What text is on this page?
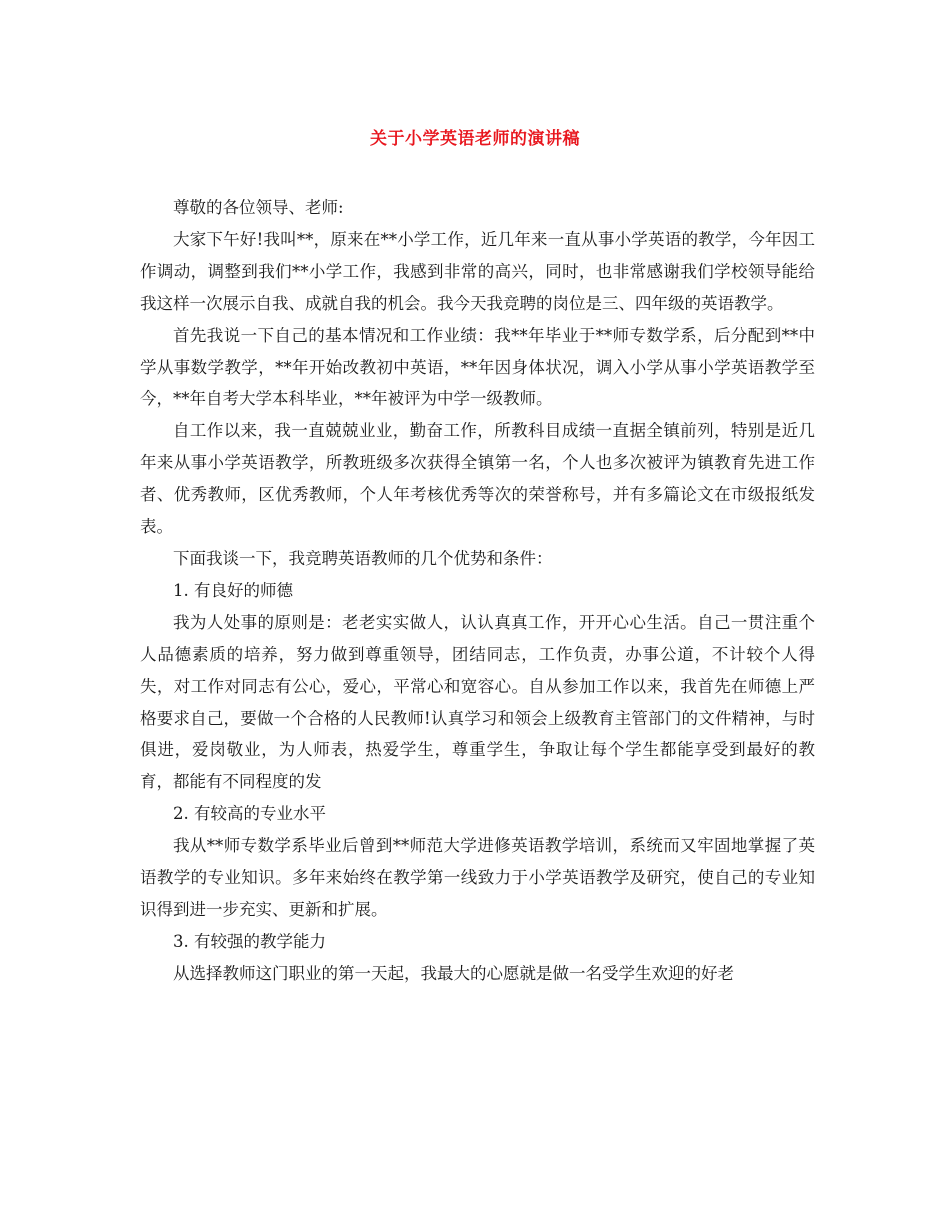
关于小学英语老师的演讲稿

尊敬的各位领导、老师:

大家下午好!我叫**，原来在**小学工作，近几年来一直从事小学英语的教学，今年因工作调动，调整到我们**小学工作，我感到非常的高兴，同时，也非常感谢我们学校领导能给我这样一次展示自我、成就自我的机会。我今天我竞聘的岗位是三、四年级的英语教学。

首先我说一下自己的基本情况和工作业绩：我**年毕业于**师专数学系，后分配到**中学从事数学教学，**年开始改教初中英语，**年因身体状况，调入小学从事小学英语教学至今，**年自考大学本科毕业，**年被评为中学一级教师。

自工作以来，我一直兢兢业业，勤奋工作，所教科目成绩一直据全镇前列，特别是近几年来从事小学英语教学，所教班级多次获得全镇第一名，个人也多次被评为镇教育先进工作者、优秀教师，区优秀教师，个人年考核优秀等次的荣誉称号，并有多篇论文在市级报纸发表。

下面我谈一下，我竞聘英语教师的几个优势和条件：

1. 有良好的师德

我为人处事的原则是：老老实实做人，认认真真工作，开开心心生活。自己一贯注重个人品德素质的培养，努力做到尊重领导，团结同志，工作负责，办事公道，不计较个人得失，对工作对同志有公心，爱心，平常心和宽容心。自从参加工作以来，我首先在师德上严格要求自己，要做一个合格的人民教师!认真学习和领会上级教育主管部门的文件精神，与时俱进，爱岗敬业，为人师表，热爱学生，尊重学生，争取让每个学生都能享受到最好的教育，都能有不同程度的发

2. 有较高的专业水平

我从**师专数学系毕业后曾到**师范大学进修英语教学培训，系统而又牢固地掌握了英语教学的专业知识。多年来始终在教学第一线致力于小学英语教学及研究，使自己的专业知识得到进一步充实、更新和扩展。

3. 有较强的教学能力

从选择教师这门职业的第一天起，我最大的心愿就是做一名受学生欢迎的好老
